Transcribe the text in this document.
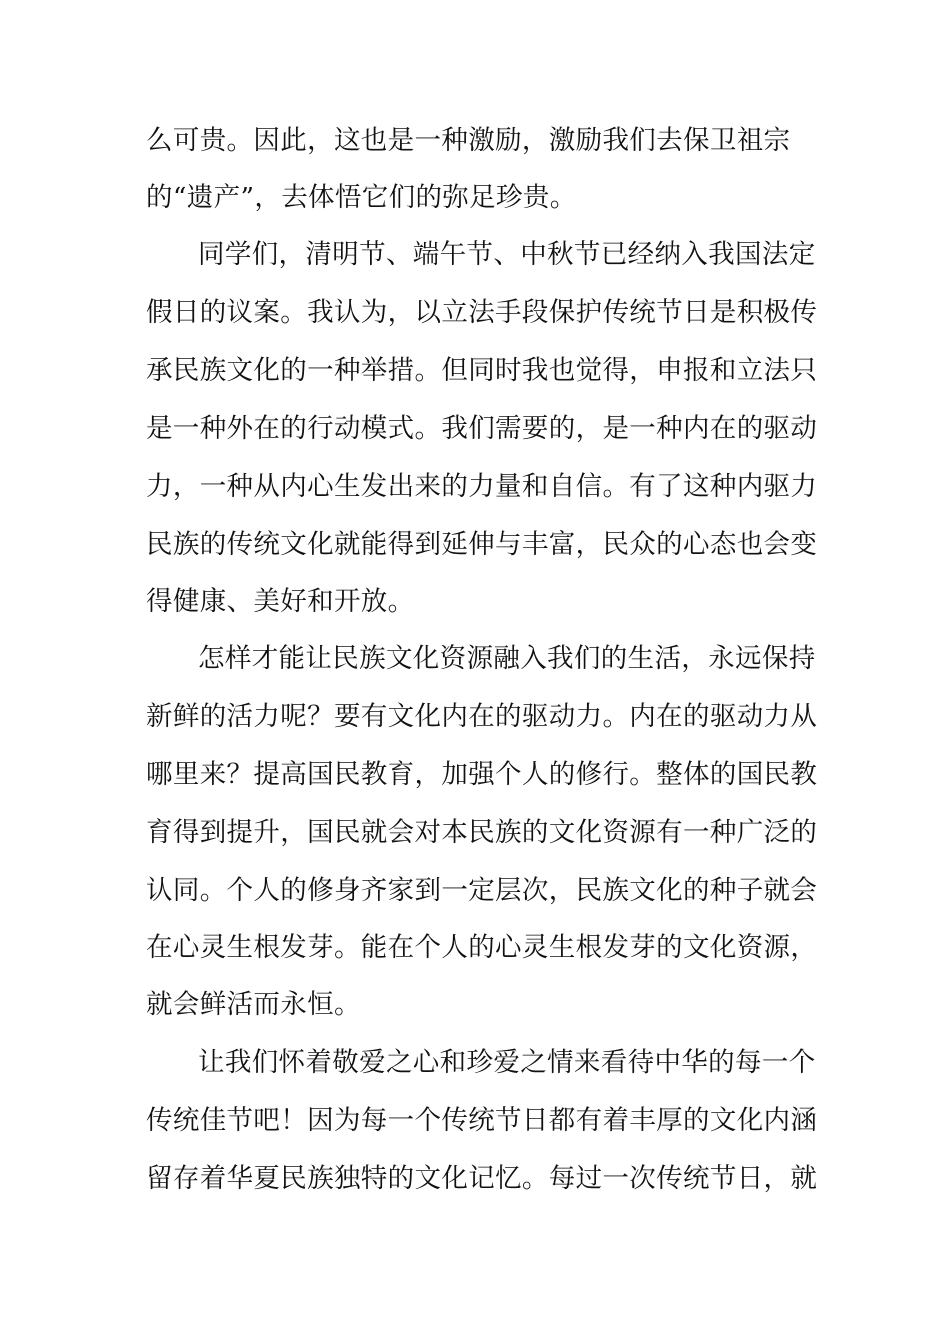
么可贵。因此，这也是一种激励，激励我们去保卫祖宗
的“遗产”，去体悟它们的弥足珍贵。
同学们，清明节、端午节、中秋节已经纳入我国法定
假日的议案。我认为，以立法手段保护传统节日是积极传
承民族文化的一种举措。但同时我也觉得，申报和立法只
是一种外在的行动模式。我们需要的，是一种内在的驱动
力，一种从内心生发出来的力量和自信。有了这种内驱力
民族的传统文化就能得到延伸与丰富，民众的心态也会变
得健康、美好和开放。
怎样才能让民族文化资源融入我们的生活，永远保持
新鲜的活力呢？要有文化内在的驱动力。内在的驱动力从
哪里来？提高国民教育，加强个人的修行。整体的国民教
育得到提升，国民就会对本民族的文化资源有一种广泛的
认同。个人的修身齐家到一定层次，民族文化的种子就会
在心灵生根发芽。能在个人的心灵生根发芽的文化资源，
就会鲜活而永恒。
让我们怀着敬爱之心和珍爱之情来看待中华的每一个
传统佳节吧！因为每一个传统节日都有着丰厚的文化内涵
留存着华夏民族独特的文化记忆。每过一次传统节日，就
